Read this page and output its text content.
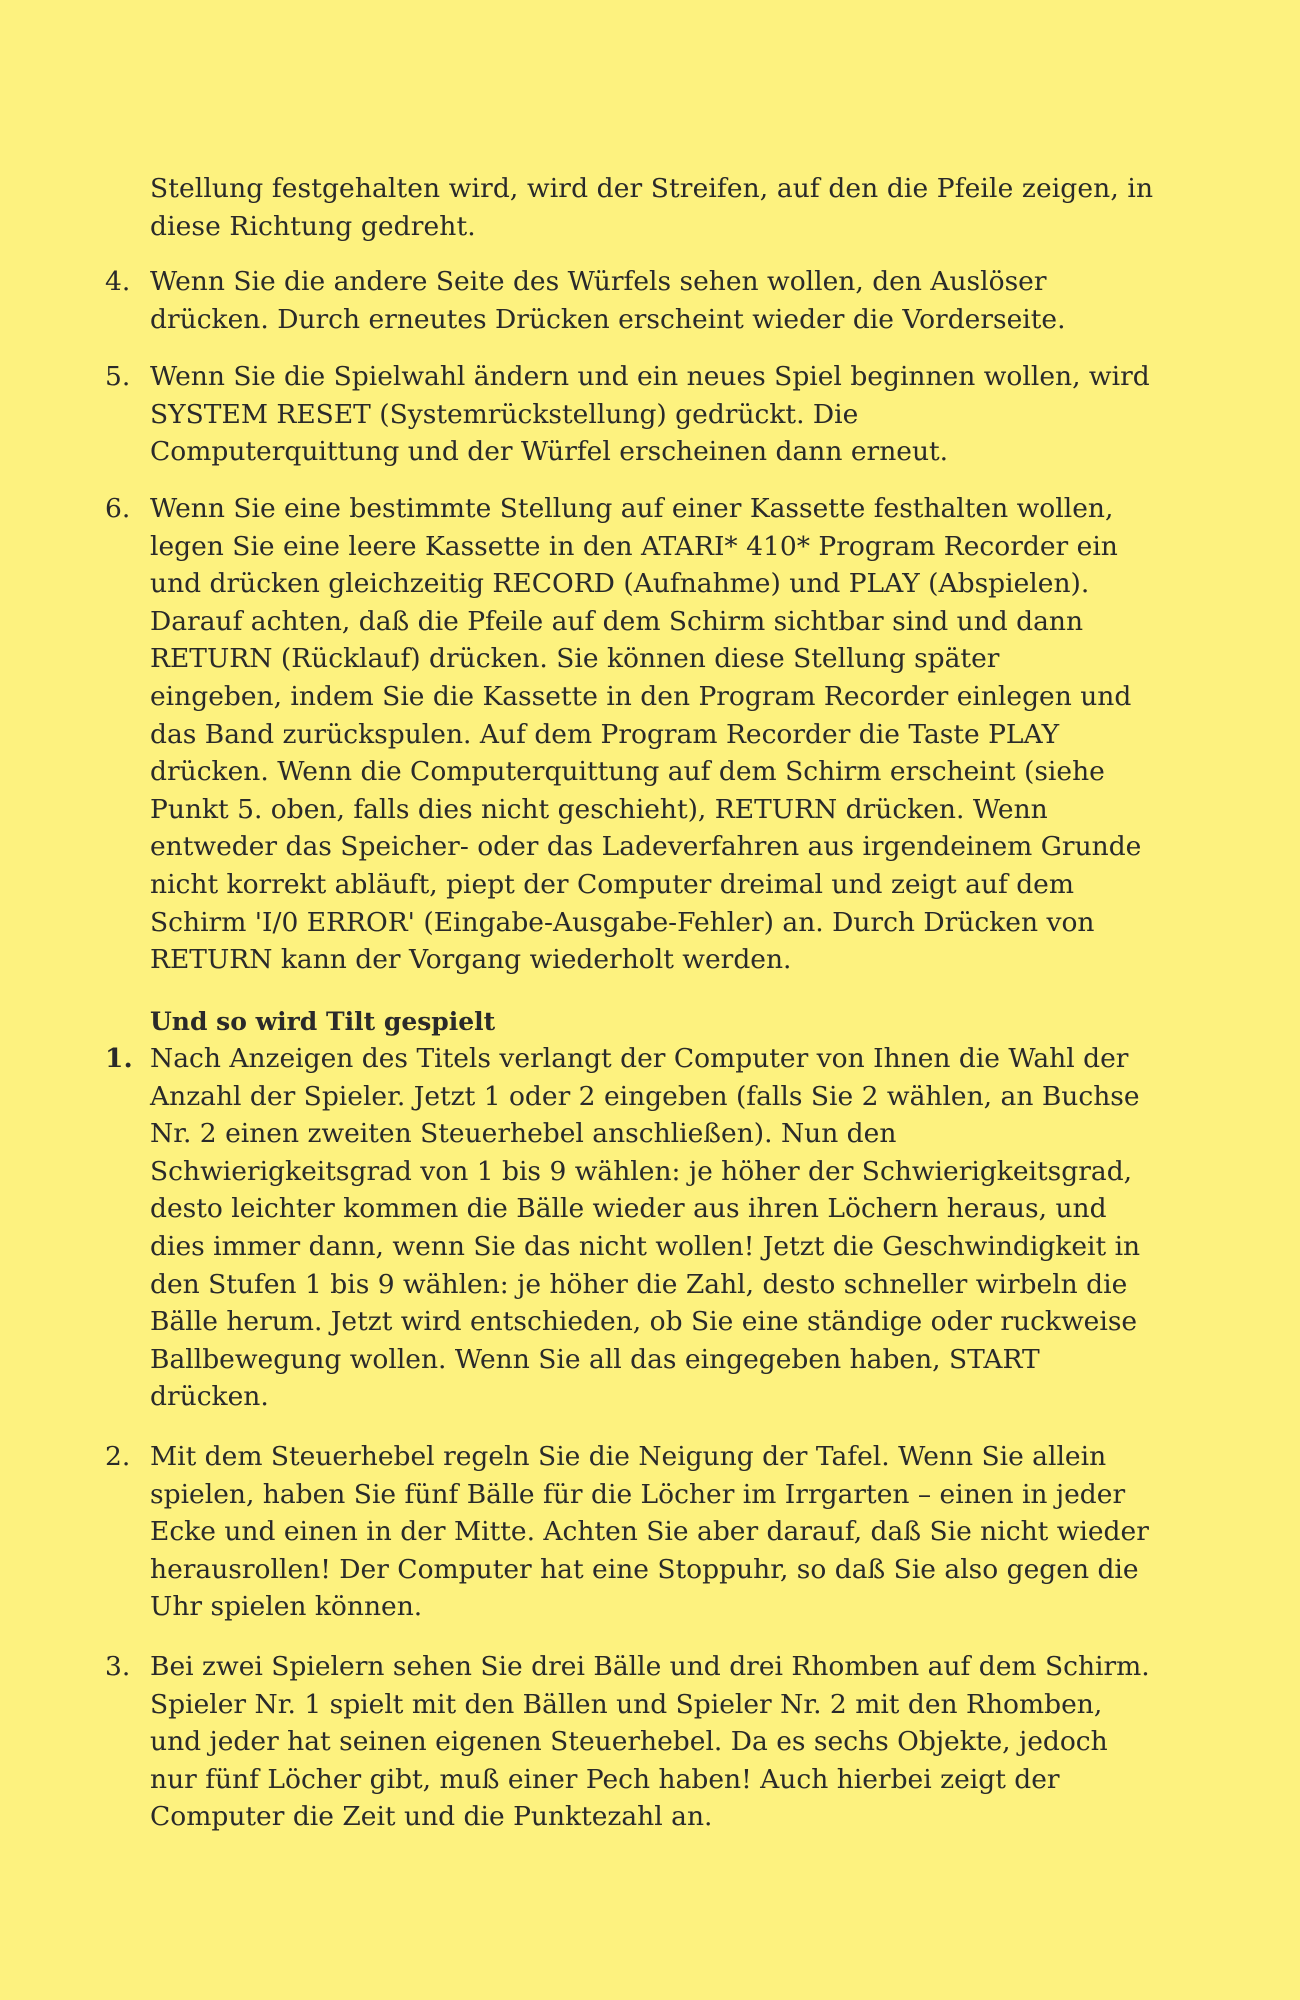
Stellung festgehalten wird, wird der Streifen, auf den die Pfeile zeigen, in
diese Richtung gedreht.
4. Wenn Sie die andere Seite des Würfels sehen wollen, den Auslöser
drücken. Durch erneutes Drücken erscheint wieder die Vorderseite.
5. Wenn Sie die Spielwahl ändern und ein neues Spiel beginnen wollen, wird
SYSTEM RESET (Systemrückstellung) gedrückt. Die
Computerquittung und der Würfel erscheinen dann erneut.
6. Wenn Sie eine bestimmte Stellung auf einer Kassette festhalten wollen,
legen Sie eine leere Kassette in den ATARI* 410* Program Recorder ein
und drücken gleichzeitig RECORD (Aufnahme) und PLAY (Abspielen).
Darauf achten, daß die Pfeile auf dem Schirm sichtbar sind und dann
RETURN (Rücklauf) drücken. Sie können diese Stellung später
eingeben, indem Sie die Kassette in den Program Recorder einlegen und
das Band zurückspulen. Auf dem Program Recorder die Taste PLAY
drücken. Wenn die Computerquittung auf dem Schirm erscheint (siehe
Punkt 5. oben, falls dies nicht geschieht), RETURN drücken. Wenn
entweder das Speicher- oder das Ladeverfahren aus irgendeinem Grunde
nicht korrekt abläuft, piept der Computer dreimal und zeigt auf dem
Schirm 'I/0 ERROR' (Eingabe-Ausgabe-Fehler) an. Durch Drücken von
RETURN kann der Vorgang wiederholt werden.
Und so wird Tilt gespielt
1. Nach Anzeigen des Titels verlangt der Computer von Ihnen die Wahl der
Anzahl der Spieler. Jetzt 1 oder 2 eingeben (falls Sie 2 wählen, an Buchse
Nr. 2 einen zweiten Steuerhebel anschließen). Nun den
Schwierigkeitsgrad von 1 bis 9 wählen: je höher der Schwierigkeitsgrad,
desto leichter kommen die Bälle wieder aus ihren Löchern heraus, und
dies immer dann, wenn Sie das nicht wollen! Jetzt die Geschwindigkeit in
den Stufen 1 bis 9 wählen: je höher die Zahl, desto schneller wirbeln die
Bälle herum. Jetzt wird entschieden, ob Sie eine ständige oder ruckweise
Ballbewegung wollen. Wenn Sie all das eingegeben haben, START
drücken.
2. Mit dem Steuerhebel regeln Sie die Neigung der Tafel. Wenn Sie allein
spielen, haben Sie fünf Bälle für die Löcher im Irrgarten – einen in jeder
Ecke und einen in der Mitte. Achten Sie aber darauf, daß Sie nicht wieder
herausrollen! Der Computer hat eine Stoppuhr, so daß Sie also gegen die
Uhr spielen können.
3. Bei zwei Spielern sehen Sie drei Bälle und drei Rhomben auf dem Schirm.
Spieler Nr. 1 spielt mit den Bällen und Spieler Nr. 2 mit den Rhomben,
und jeder hat seinen eigenen Steuerhebel. Da es sechs Objekte, jedoch
nur fünf Löcher gibt, muß einer Pech haben! Auch hierbei zeigt der
Computer die Zeit und die Punktezahl an.
